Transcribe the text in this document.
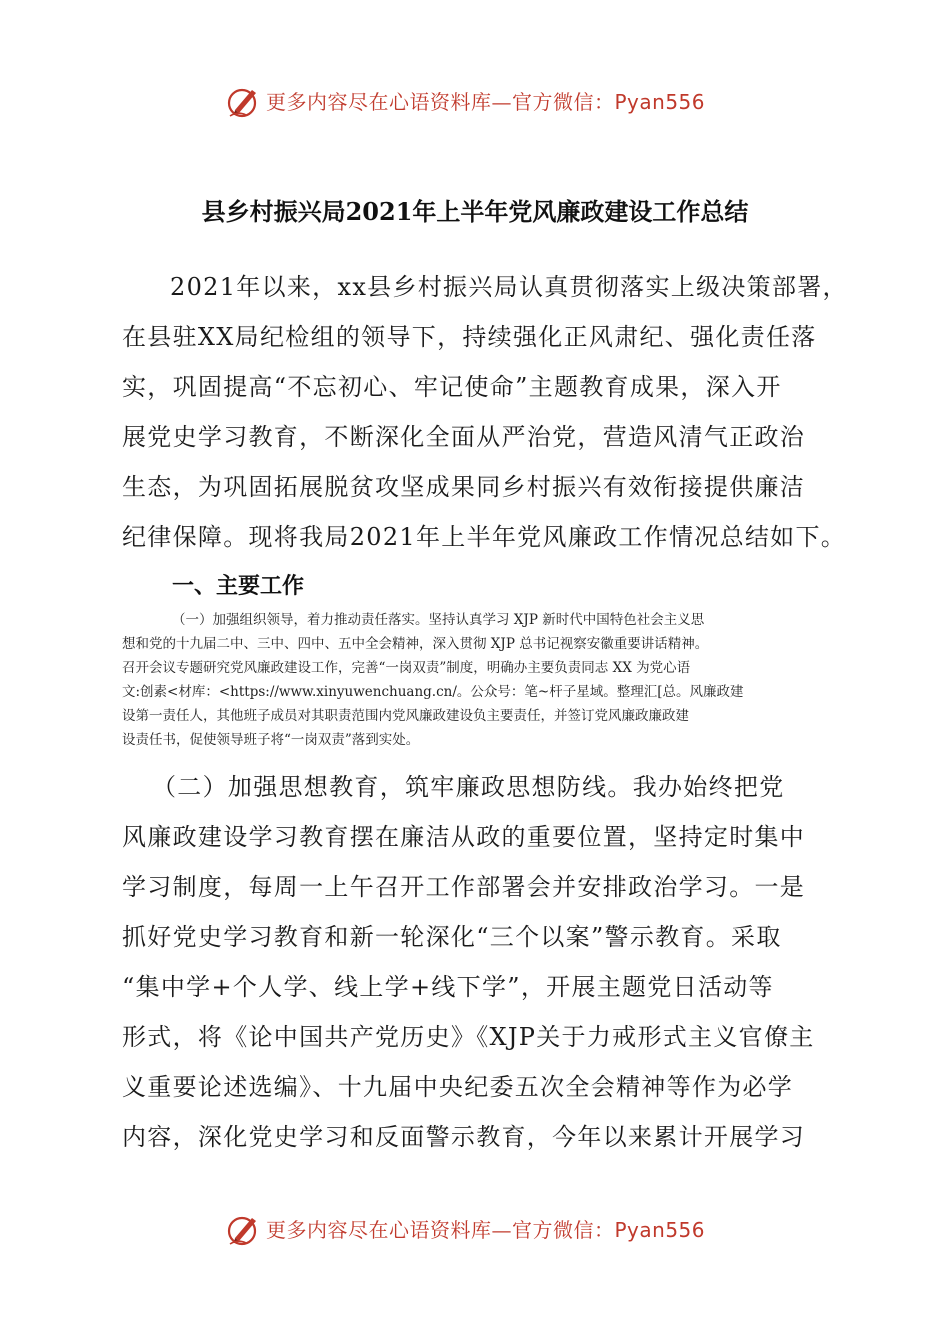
更多内容尽在心语资料库—官方微信：Pyan556
县乡村振兴局2021年上半年党风廉政建设工作总结
2021年以来，xx县乡村振兴局认真贯彻落实上级决策部署，
在县驻XX局纪检组的领导下，持续强化正风肃纪、强化责任落
实，巩固提高“不忘初心、牢记使命”主题教育成果，深入开
展党史学习教育，不断深化全面从严治党，营造风清气正政治
生态，为巩固拓展脱贫攻坚成果同乡村振兴有效衔接提供廉洁
纪律保障。现将我局2021年上半年党风廉政工作情况总结如下。
一、主要工作
（一）加强组织领导，着力推动责任落实。坚持认真学习 XJP 新时代中国特色社会主义思
想和党的十九届二中、三中、四中、五中全会精神，深入贯彻 XJP 总书记视察安徽重要讲话精神。
召开会议专题研究党风廉政建设工作，完善“一岗双责”制度，明确办主要负责同志 XX 为党心语
文:创素<材库：<https://www.xinyuwenchuang.cn/。公众号：笔~杆子星域。整理汇[总。风廉政建
设第一责任人，其他班子成员对其职责范围内党风廉政建设负主要责任，并签订党风廉政廉政建
设责任书，促使领导班子将“一岗双责”落到实处。
（二）加强思想教育，筑牢廉政思想防线。我办始终把党
风廉政建设学习教育摆在廉洁从政的重要位置，坚持定时集中
学习制度，每周一上午召开工作部署会并安排政治学习。一是
抓好党史学习教育和新一轮深化“三个以案”警示教育。采取
“集中学+个人学、线上学+线下学”，开展主题党日活动等
形式，将《论中国共产党历史》《XJP关于力戒形式主义官僚主
义重要论述选编》、十九届中央纪委五次全会精神等作为必学
内容，深化党史学习和反面警示教育，今年以来累计开展学习
更多内容尽在心语资料库—官方微信：Pyan556
